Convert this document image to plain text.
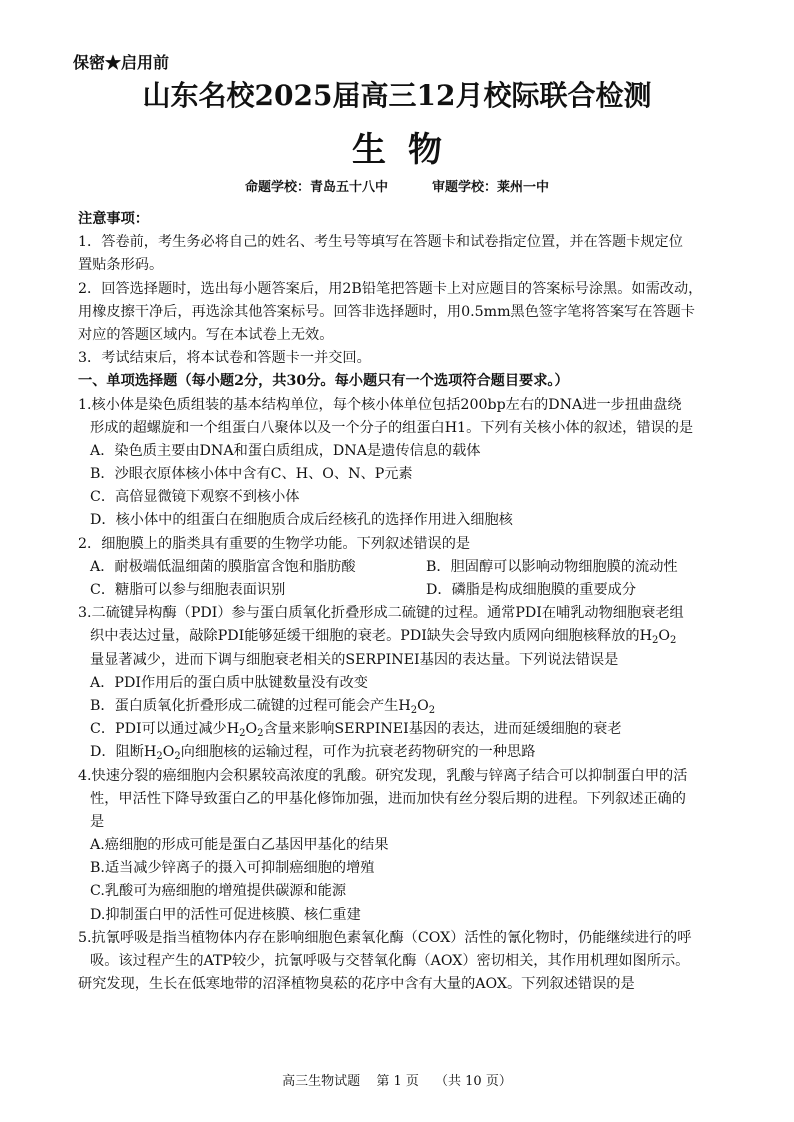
保密★启用前
山东名校2025届高三12月校际联合检测
生物
命题学校：青岛五十八中	审题学校：莱州一中
注意事项：
1．答卷前，考生务必将自己的姓名、考生号等填写在答题卡和试卷指定位置，并在答题卡规定位
置贴条形码。
2．回答选择题时，选出每小题答案后，用2B铅笔把答题卡上对应题目的答案标号涂黑。如需改动，
用橡皮擦干净后，再选涂其他答案标号。回答非选择题时，用0.5mm黑色签字笔将答案写在答题卡
对应的答题区域内。写在本试卷上无效。
3．考试结束后，将本试卷和答题卡一并交回。
一、单项选择题（每小题2分，共30分。每小题只有一个选项符合题目要求。）
1.核小体是染色质组装的基本结构单位，每个核小体单位包括200bp左右的DNA进一步扭曲盘绕
形成的超螺旋和一个组蛋白八聚体以及一个分子的组蛋白H1。下列有关核小体的叙述，错误的是
A．染色质主要由DNA和蛋白质组成，DNA是遗传信息的载体
B．沙眼衣原体核小体中含有C、H、O、N、P元素
C．高倍显微镜下观察不到核小体
D．核小体中的组蛋白在细胞质合成后经核孔的选择作用进入细胞核
2．细胞膜上的脂类具有重要的生物学功能。下列叙述错误的是
A．耐极端低温细菌的膜脂富含饱和脂肪酸	B．胆固醇可以影响动物细胞膜的流动性
C．糖脂可以参与细胞表面识别	D．磷脂是构成细胞膜的重要成分
3.二硫键异构酶（PDI）参与蛋白质氧化折叠形成二硫键的过程。通常PDI在哺乳动物细胞衰老组
织中表达过量，敲除PDI能够延缓干细胞的衰老。PDI缺失会导致内质网向细胞核释放的$H_2O_2$
量显著减少，进而下调与细胞衰老相关的SERPINEI基因的表达量。下列说法错误是
A．PDI作用后的蛋白质中肽键数量没有改变
B．蛋白质氧化折叠形成二硫键的过程可能会产生$H_2O_2$
C．PDI可以通过减少$H_2O_2$含量来影响SERPINEI基因的表达，进而延缓细胞的衰老
D．阻断$H_2O_2$向细胞核的运输过程，可作为抗衰老药物研究的一种思路
4.快速分裂的癌细胞内会积累较高浓度的乳酸。研究发现，乳酸与锌离子结合可以抑制蛋白甲的活
性，甲活性下降导致蛋白乙的甲基化修饰加强，进而加快有丝分裂后期的进程。下列叙述正确的
是
A.癌细胞的形成可能是蛋白乙基因甲基化的结果
B.适当减少锌离子的摄入可抑制癌细胞的增殖
C.乳酸可为癌细胞的增殖提供碳源和能源
D.抑制蛋白甲的活性可促进核膜、核仁重建
5.抗氰呼吸是指当植物体内存在影响细胞色素氧化酶（COX）活性的氰化物时，仍能继续进行的呼
吸。该过程产生的ATP较少，抗氰呼吸与交替氧化酶（AOX）密切相关，其作用机理如图所示。
研究发现，生长在低寒地带的沼泽植物臭菘的花序中含有大量的AOX。下列叙述错误的是
高三生物试题 第 1 页 （共 10 页）
